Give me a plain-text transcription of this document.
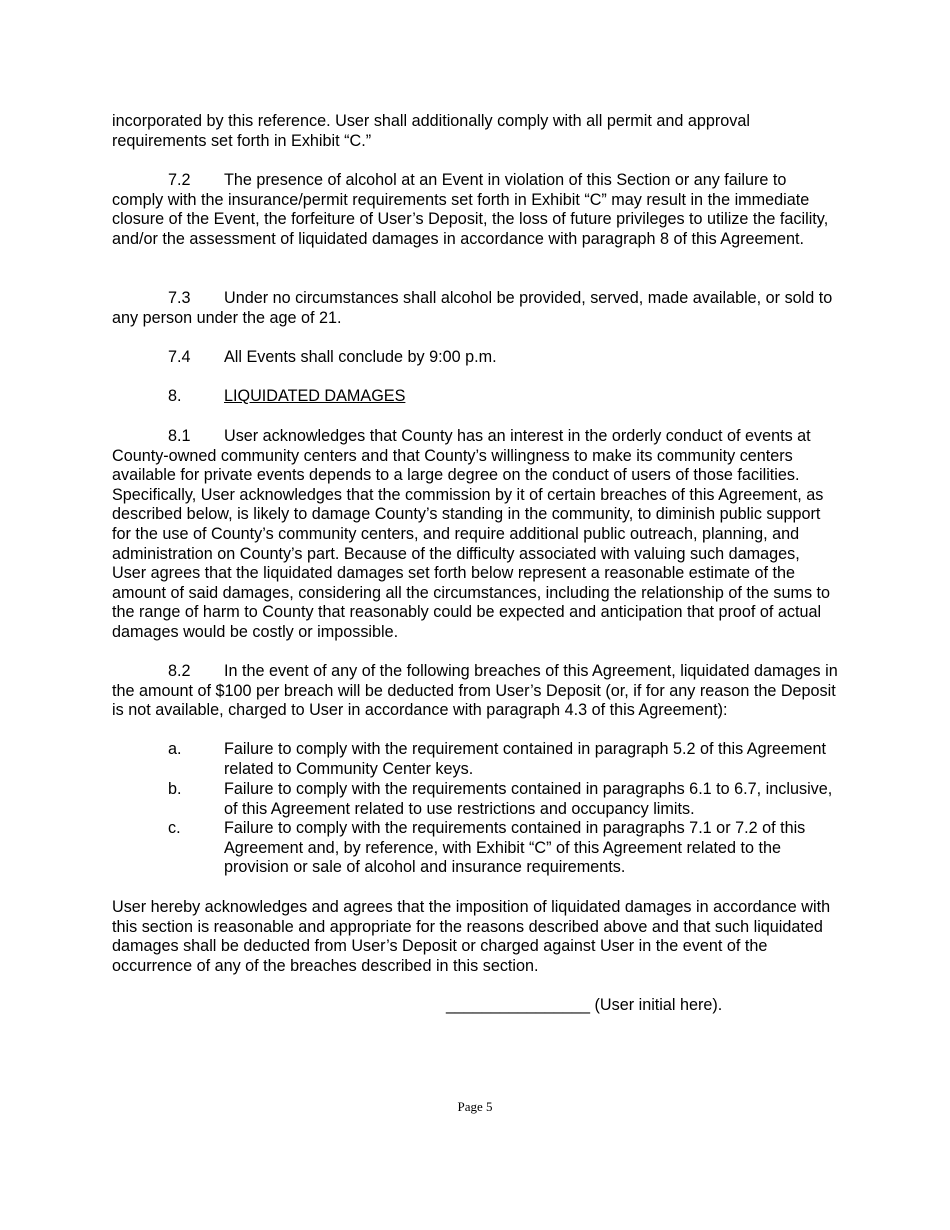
incorporated by this reference. User shall additionally comply with all permit and approval requirements set forth in Exhibit “C.”

7.2 The presence of alcohol at an Event in violation of this Section or any failure to comply with the insurance/permit requirements set forth in Exhibit “C” may result in the immediate closure of the Event, the forfeiture of User’s Deposit, the loss of future privileges to utilize the facility, and/or the assessment of liquidated damages in accordance with paragraph 8 of this Agreement.

7.3 Under no circumstances shall alcohol be provided, served, made available, or sold to any person under the age of 21.

7.4 All Events shall conclude by 9:00 p.m.

8.	LIQUIDATED DAMAGES

8.1 User acknowledges that County has an interest in the orderly conduct of events at County-owned community centers and that County’s willingness to make its community centers available for private events depends to a large degree on the conduct of users of those facilities. Specifically, User acknowledges that the commission by it of certain breaches of this Agreement, as described below, is likely to damage County’s standing in the community, to diminish public support for the use of County’s community centers, and require additional public outreach, planning, and administration on County’s part. Because of the difficulty associated with valuing such damages, User agrees that the liquidated damages set forth below represent a reasonable estimate of the amount of said damages, considering all the circumstances, including the relationship of the sums to the range of harm to County that reasonably could be expected and anticipation that proof of actual damages would be costly or impossible.

8.2 In the event of any of the following breaches of this Agreement, liquidated damages in the amount of $100 per breach will be deducted from User’s Deposit (or, if for any reason the Deposit is not available, charged to User in accordance with paragraph 4.3 of this Agreement):

a.	Failure to comply with the requirement contained in paragraph 5.2 of this Agreement related to Community Center keys.
b.	Failure to comply with the requirements contained in paragraphs 6.1 to 6.7, inclusive, of this Agreement related to use restrictions and occupancy limits.
c.	Failure to comply with the requirements contained in paragraphs 7.1 or 7.2 of this Agreement and, by reference, with Exhibit “C” of this Agreement related to the provision or sale of alcohol and insurance requirements.

User hereby acknowledges and agrees that the imposition of liquidated damages in accordance with this section is reasonable and appropriate for the reasons described above and that such liquidated damages shall be deducted from User’s Deposit or charged against User in the event of the occurrence of any of the breaches described in this section.

________________ (User initial here).
Page 5
